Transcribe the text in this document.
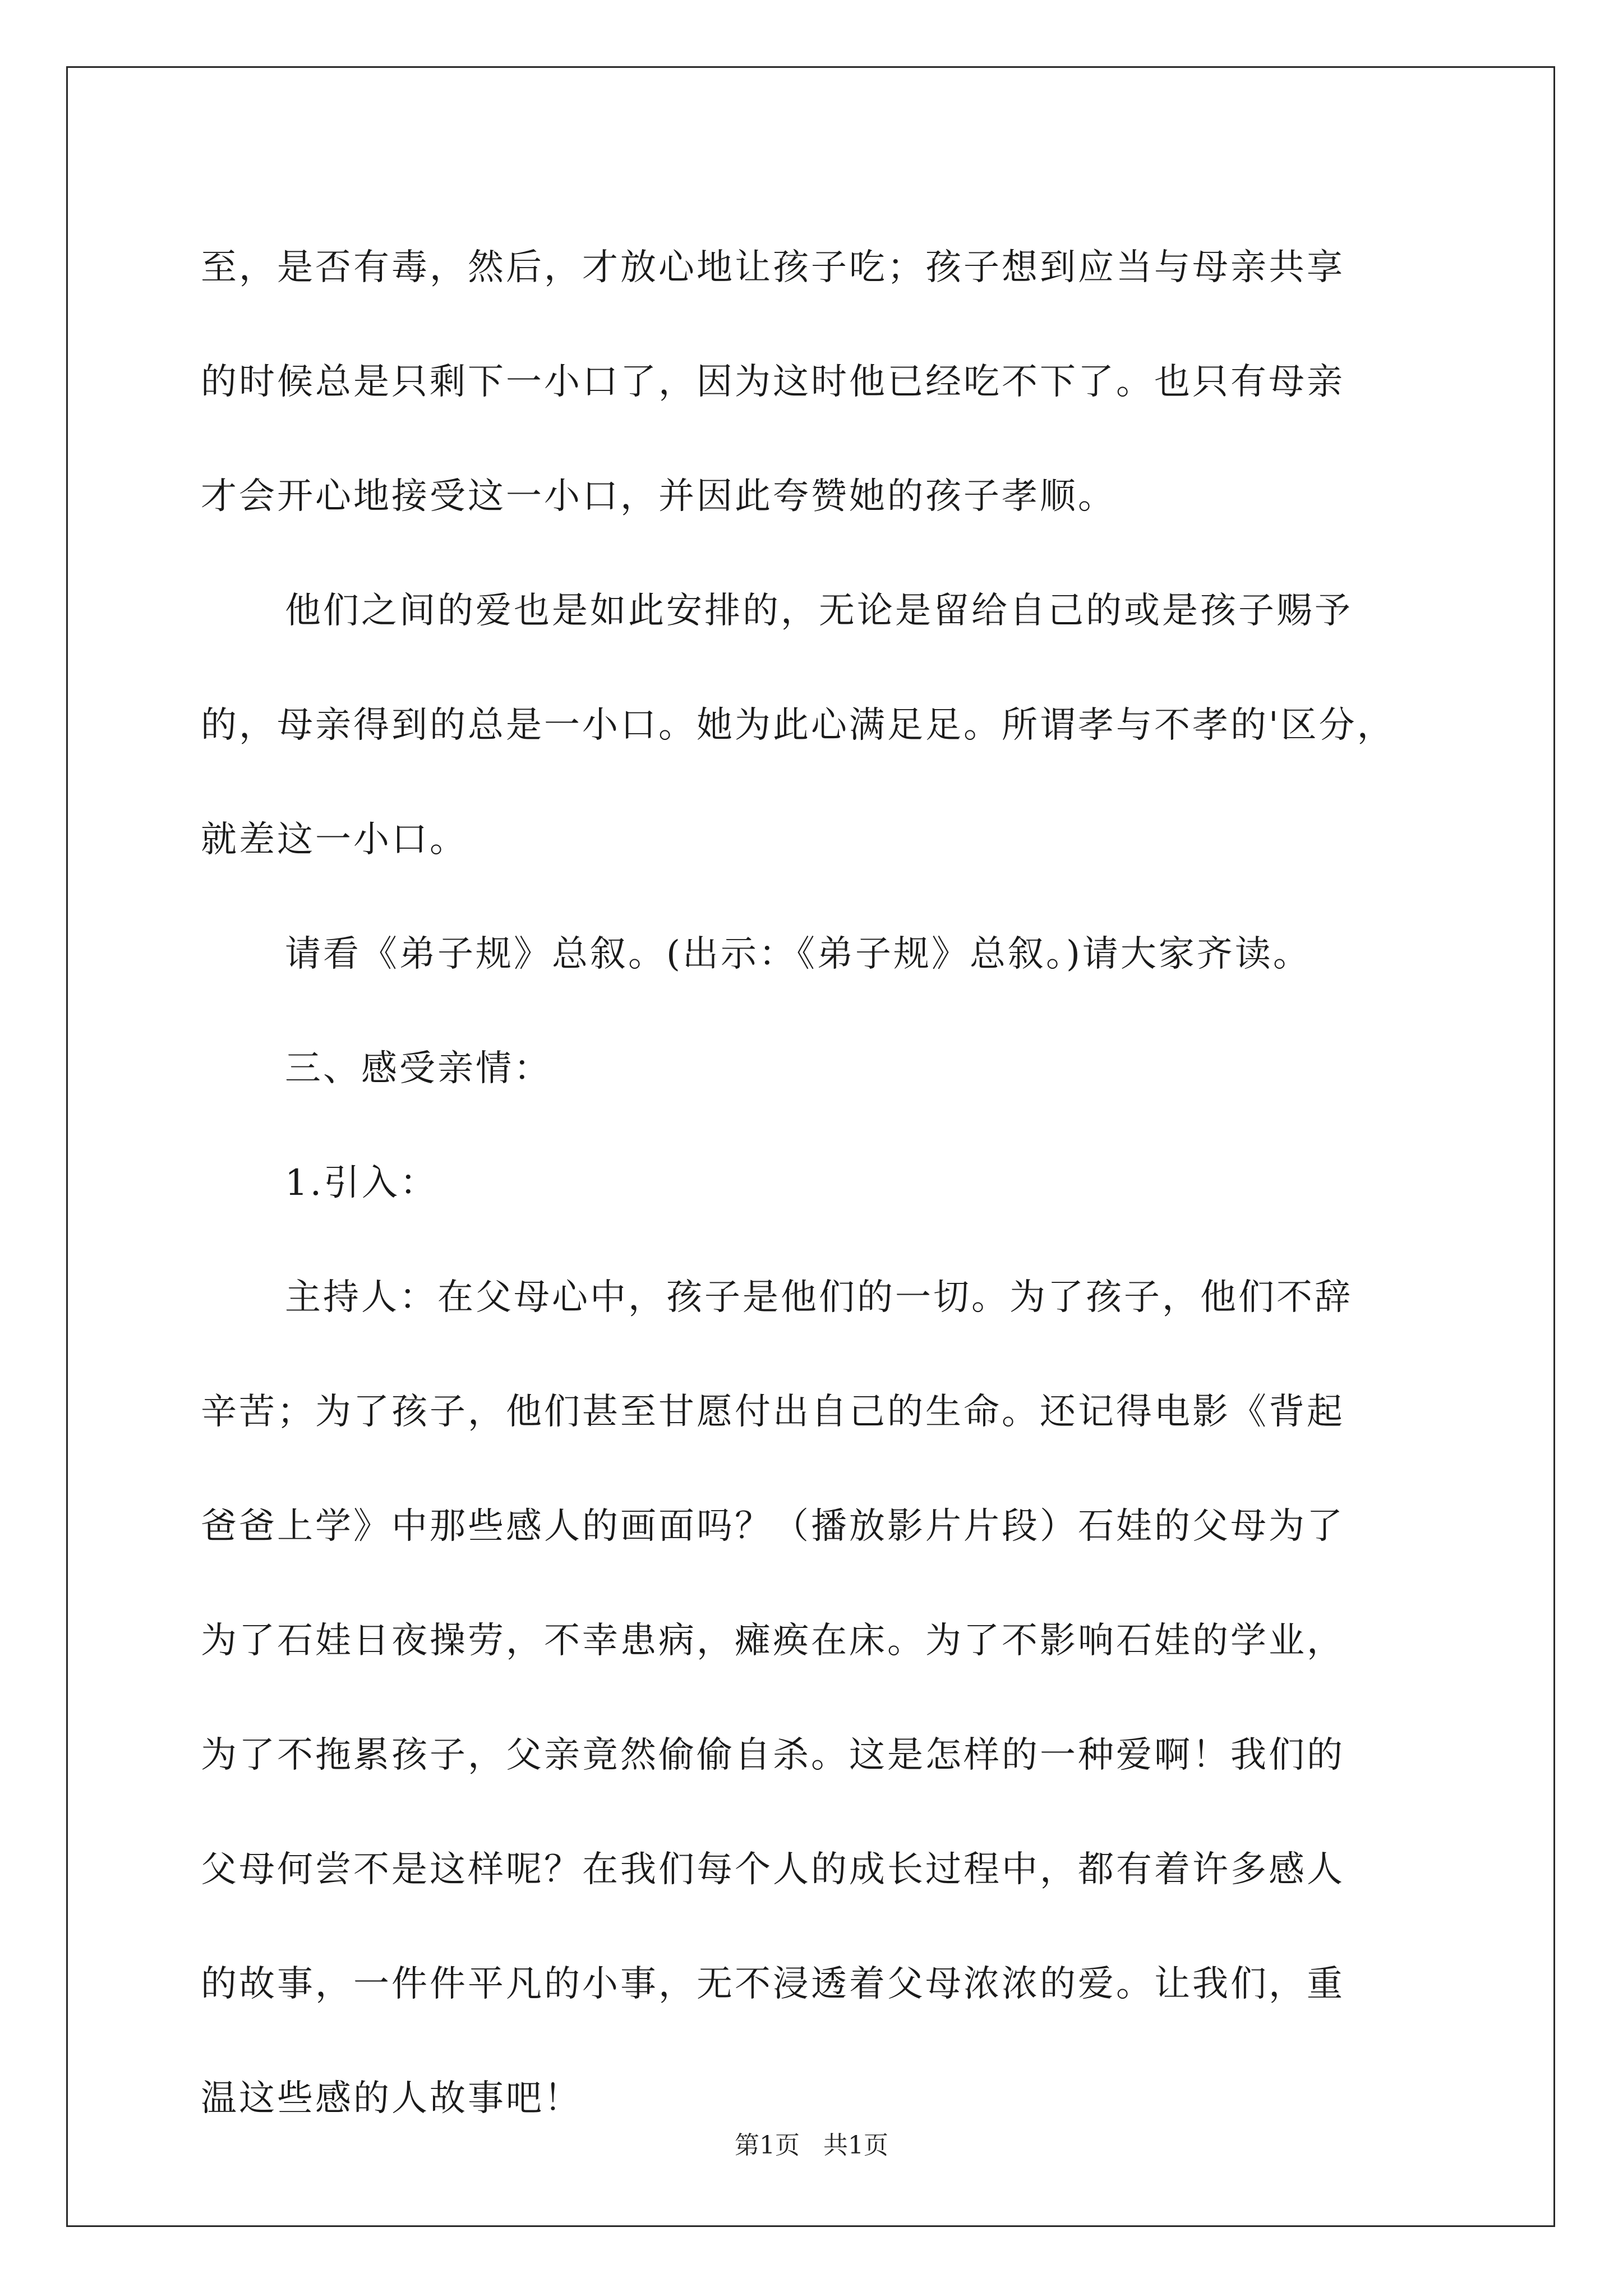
至，是否有毒，然后，才放心地让孩子吃；孩子想到应当与母亲共享
的时候总是只剩下一小口了，因为这时他已经吃不下了。也只有母亲
才会开心地接受这一小口，并因此夸赞她的孩子孝顺。

他们之间的爱也是如此安排的，无论是留给自己的或是孩子赐予
的，母亲得到的总是一小口。她为此心满足足。所谓孝与不孝的'区分，
就差这一小口。

请看《弟子规》总叙。(出示：《弟子规》总叙。)请大家齐读。

三、感受亲情：

1.引入：

主持人：在父母心中，孩子是他们的一切。为了孩子，他们不辞
辛苦；为了孩子，他们甚至甘愿付出自己的生命。还记得电影《背起
爸爸上学》中那些感人的画面吗？（播放影片片段）石娃的父母为了
为了石娃日夜操劳，不幸患病，瘫痪在床。为了不影响石娃的学业，
为了不拖累孩子，父亲竟然偷偷自杀。这是怎样的一种爱啊！我们的
父母何尝不是这样呢？在我们每个人的成长过程中，都有着许多感人
的故事，一件件平凡的小事，无不浸透着父母浓浓的爱。让我们，重
温这些感的人故事吧！

第1页   共1页
